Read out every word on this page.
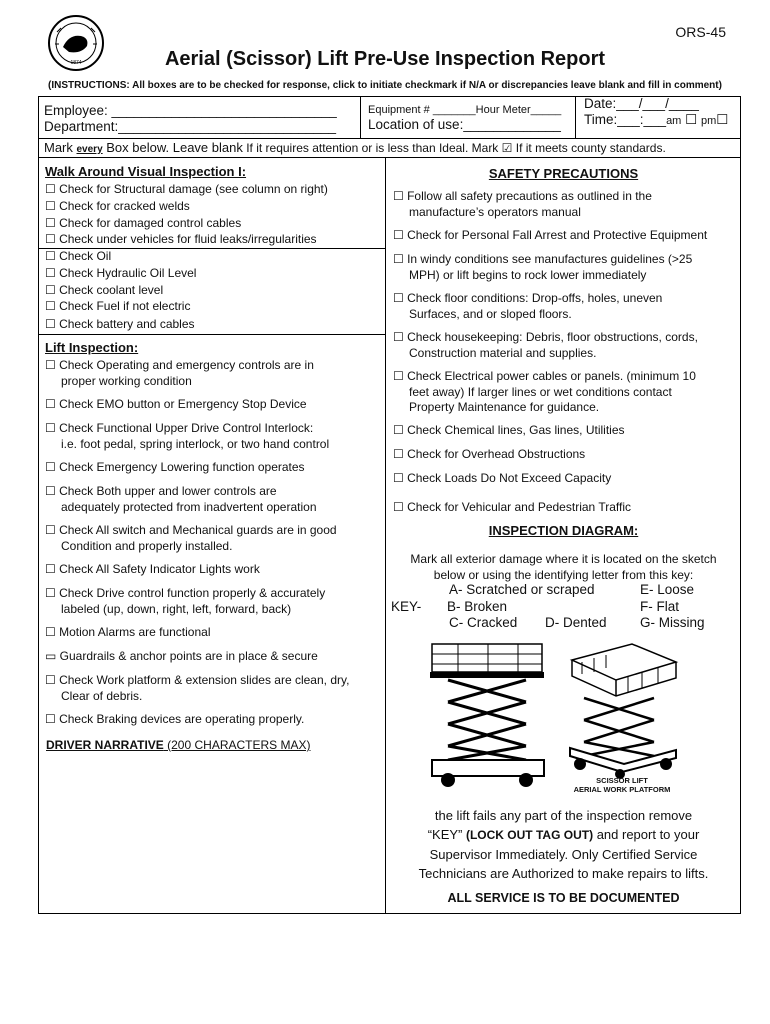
1874
ORS-45
Aerial (Scissor) Lift Pre-Use Inspection Report
(INSTRUCTIONS: All boxes are to be checked for response, click to initiate checkmark if N/A or discrepancies leave blank and fill in comment)
Employee: ______________________________
Department:_____________________________
Equipment # _______Hour Meter_____
Location of use:_____________
Date:___/___/____
Time:___:___am ☐ pm☐
Mark every Box below. Leave blank If it requires attention or is less than Ideal. Mark ☑ If it meets county standards.
Walk Around Visual Inspection I:
☐ Check for Structural damage (see column on right)
☐ Check for cracked welds
☐ Check for damaged control cables
☐ Check under vehicles for fluid leaks/irregularities
☐ Check Oil
☐ Check Hydraulic Oil Level
☐ Check coolant level
☐ Check Fuel if not electric
☐ Check battery and cables
Lift Inspection:
☐ Check Operating and emergency controls are in
proper working condition
☐ Check EMO button or Emergency Stop Device
☐ Check Functional Upper Drive Control Interlock:
i.e. foot pedal, spring interlock, or two hand control
☐ Check Emergency Lowering function operates
☐ Check Both upper and lower controls are
adequately protected from inadvertent operation
☐ Check All switch and Mechanical guards are in good
Condition and properly installed.
☐ Check All Safety Indicator Lights work
☐ Check Drive control function properly & accurately
labeled (up, down, right, left, forward, back)
☐ Motion Alarms are functional
▭ Guardrails & anchor points are in place & secure
☐ Check Work platform & extension slides are clean, dry,
Clear of debris.
☐ Check Braking devices are operating properly.
DRIVER NARRATIVE (200 CHARACTERS MAX)
SAFETY PRECAUTIONS
☐ Follow all safety precautions as outlined in the
manufacture’s operators manual
☐ Check for Personal Fall Arrest and Protective Equipment
☐ In windy conditions see manufactures guidelines (>25
MPH) or lift begins to rock lower immediately
☐ Check floor conditions: Drop-offs, holes, uneven
Surfaces, and or sloped floors.
☐ Check housekeeping: Debris, floor obstructions, cords,
Construction material and supplies.
☐ Check Electrical power cables or panels. (minimum 10
feet away) If larger lines or wet conditions contact
Property Maintenance for guidance.
☐ Check Chemical lines, Gas lines, Utilities
☐ Check for Overhead Obstructions
☐ Check Loads Do Not Exceed Capacity
☐ Check for Vehicular and Pedestrian Traffic
INSPECTION DIAGRAM:
Mark all exterior damage where it is located on the sketch
below or using the identifying letter from this key:
A- Scratched or scraped	E- Loose
KEY- B- Broken	F- Flat
C- Cracked D- Dented G- Missing
SCISSOR LIFT
AERIAL WORK PLATFORM
the lift fails any part of the inspection remove
“KEY” (LOCK OUT TAG OUT) and report to your
Supervisor Immediately. Only Certified Service
Technicians are Authorized to make repairs to lifts.
ALL SERVICE IS TO BE DOCUMENTED
